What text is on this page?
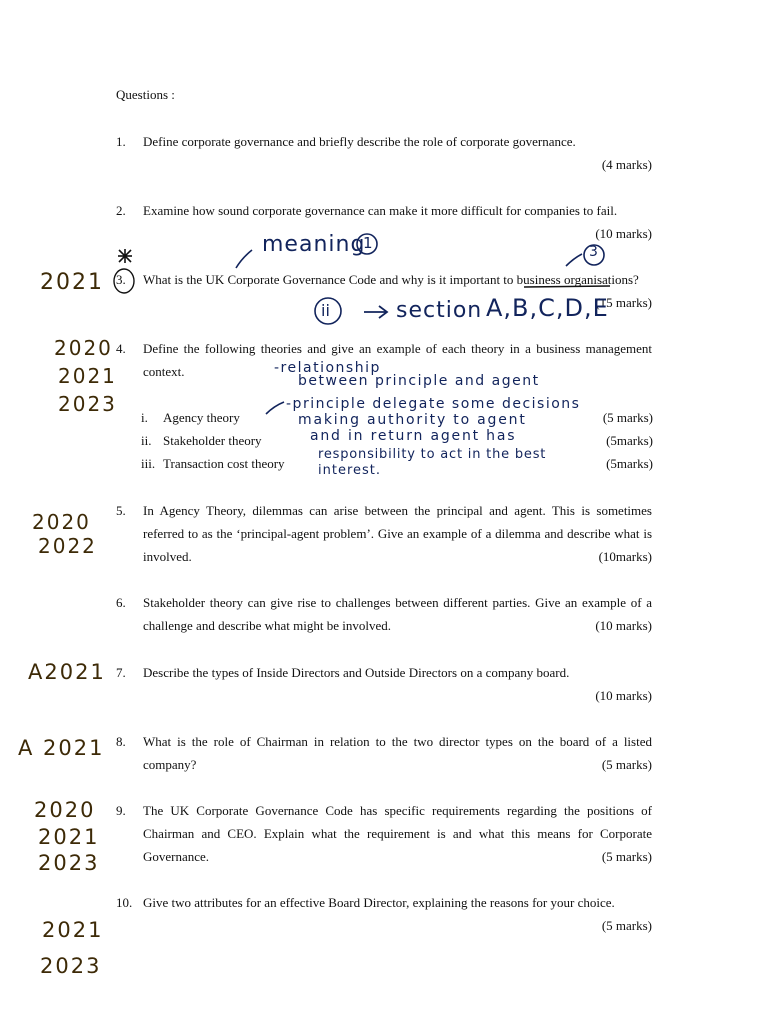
Questions :
1.	Define corporate governance and briefly describe the role of corporate governance.
(4 marks)
2.	Examine how sound corporate governance can make it more difficult for companies to fail.
(10 marks)
3.	What is the UK Corporate Governance Code and why is it important to business organisations?
(15 marks)
4.	Define the following theories and give an example of each theory in a business management context.
i.	Agency theory	(5 marks)
ii. Stakeholder theory	(5marks)
iii. Transaction cost theory	(5marks)
5.	In Agency Theory, dilemmas can arise between the principal and agent. This is sometimes referred to as the ‘principal-agent problem’. Give an example of a dilemma and describe what is involved.	(10marks)
6.	Stakeholder theory can give rise to challenges between different parties. Give an example of a challenge and describe what might be involved.	(10 marks)
7.	Describe the types of Inside Directors and Outside Directors on a company board.
(10 marks)
8.	What is the role of Chairman in relation to the two director types on the board of a listed company?	(5 marks)
9.	The UK Corporate Governance Code has specific requirements regarding the positions of Chairman and CEO. Explain what the requirement is and what this means for Corporate Governance.	(5 marks)
10. Give two attributes for an effective Board Director, explaining the reasons for your choice.
(5 marks)
2021
2020
2021
2023
2020
2022
A2021
A 2021
2020
2021
2023
2021
2023
meaning
1	3
ii	section A,B,C,D,E
-relationship
between principle and agent
-principle delegate some decisions
making authority to agent
and in return agent has
responsibility to act in the best
interest.
